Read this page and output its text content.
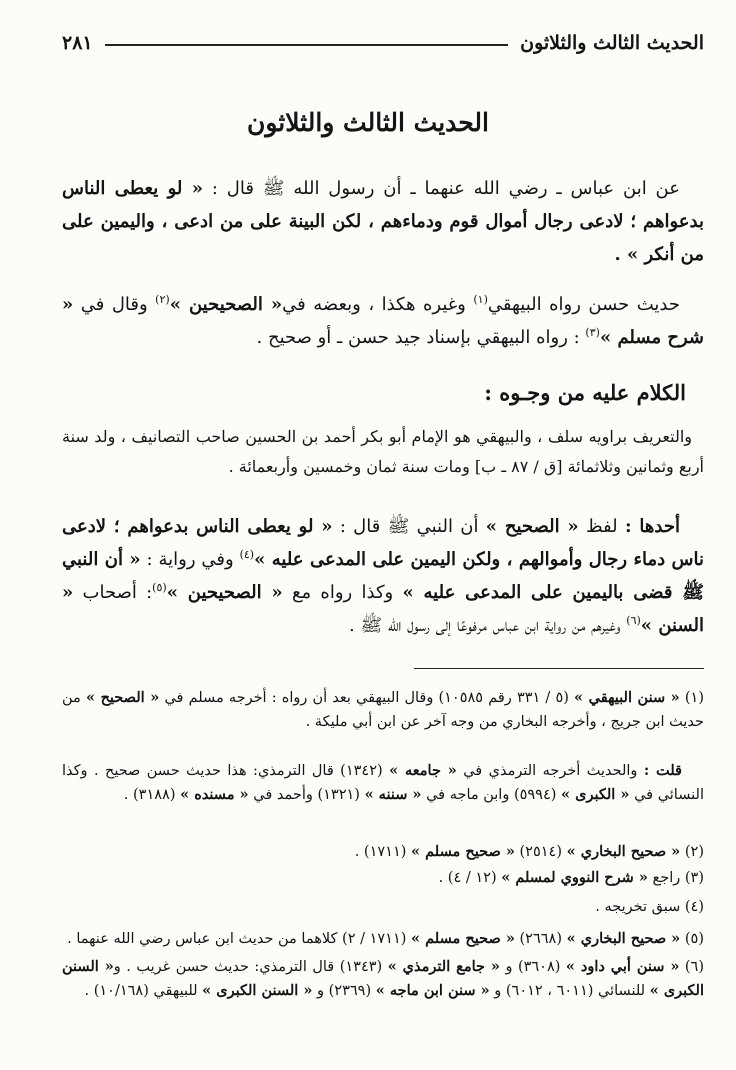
الحديث الثالث والثلاثون
٢٨١
الحديث الثالث والثلاثون
عن ابن عباس ـ رضي الله عنهما ـ أن رسول الله ﷺ قال : « لو يعطى الناس بدعواهم ؛ لادعى رجال أموال قوم ودماءهم ، لكن البينة على من ادعى ، واليمين على من أنكر » .
حديث حسن رواه البيهقي$^{(١)}$ وغيره هكذا ، وبعضه في« الصحيحين »$^{(٢)}$ وقال في « شرح مسلم »$^{(٣)}$ : رواه البيهقي بإسناد جيد حسن ـ أو صحيح .
الكلام عليه من وجـوه :
والتعريف براويه سلف ، والبيهقي هو الإمام أبو بكر أحمد بن الحسين صاحب التصانيف ، ولد سنة أربع وثمانين وثلاثمائة [ق / ٨٧ ـ ب] ومات سنة ثمان وخمسين وأربعمائة .
أحدها : لفظ « الصحيح » أن النبي ﷺ قال : « لو يعطى الناس بدعواهم ؛ لادعى ناس دماء رجال وأموالهم ، ولكن اليمين على المدعى عليه »$^{(٤)}$ وفي رواية : « أن النبي ﷺ قضى باليمين على المدعى عليه » وكذا رواه مع « الصحيحين »$^{(٥)}$: أصحاب « السنن »$^{(٦)}$ وغيرهم من رواية ابن عباس مرفوعًا إلى رسول الله ﷺ .
(١) « سنن البيهقي » (٥ / ٣٣١ رقم ١٠٥٨٥) وقال البيهقي بعد أن رواه : أخرجه مسلم في « الصحيح » من حديث ابن جريج ، وأخرجه البخاري من وجه آخر عن ابن أبي مليكة .
قلت : والحديث أخرجه الترمذي في « جامعه » (١٣٤٢) قال الترمذي: هذا حديث حسن صحيح . وكذا النسائي في « الكبرى » (٥٩٩٤) وابن ماجه في « سننه » (١٣٢١) وأحمد في « مسنده » (٣١٨٨) .
(٢) « صحيح البخاري » (٢٥١٤) « صحيح مسلم » (١٧١١) .
(٣) راجع « شرح النووي لمسلم » (١٢ / ٤) .
(٤) سبق تخريجه .
(٥) « صحيح البخاري » (٢٦٦٨) « صحيح مسلم » (١٧١١ / ٢) كلاهما من حديث ابن عباس رضي الله عنهما .
(٦) « سنن أبي داود » (٣٦٠٨) و « جامع الترمذي » (١٣٤٣) قال الترمذي: حديث حسن غريب . و« السنن الكبرى » للنسائي (٦٠١١ ، ٦٠١٢) و « سنن ابن ماجه » (٢٣٦٩) و « السنن الكبرى » للبيهقي (١٠/١٦٨) .
